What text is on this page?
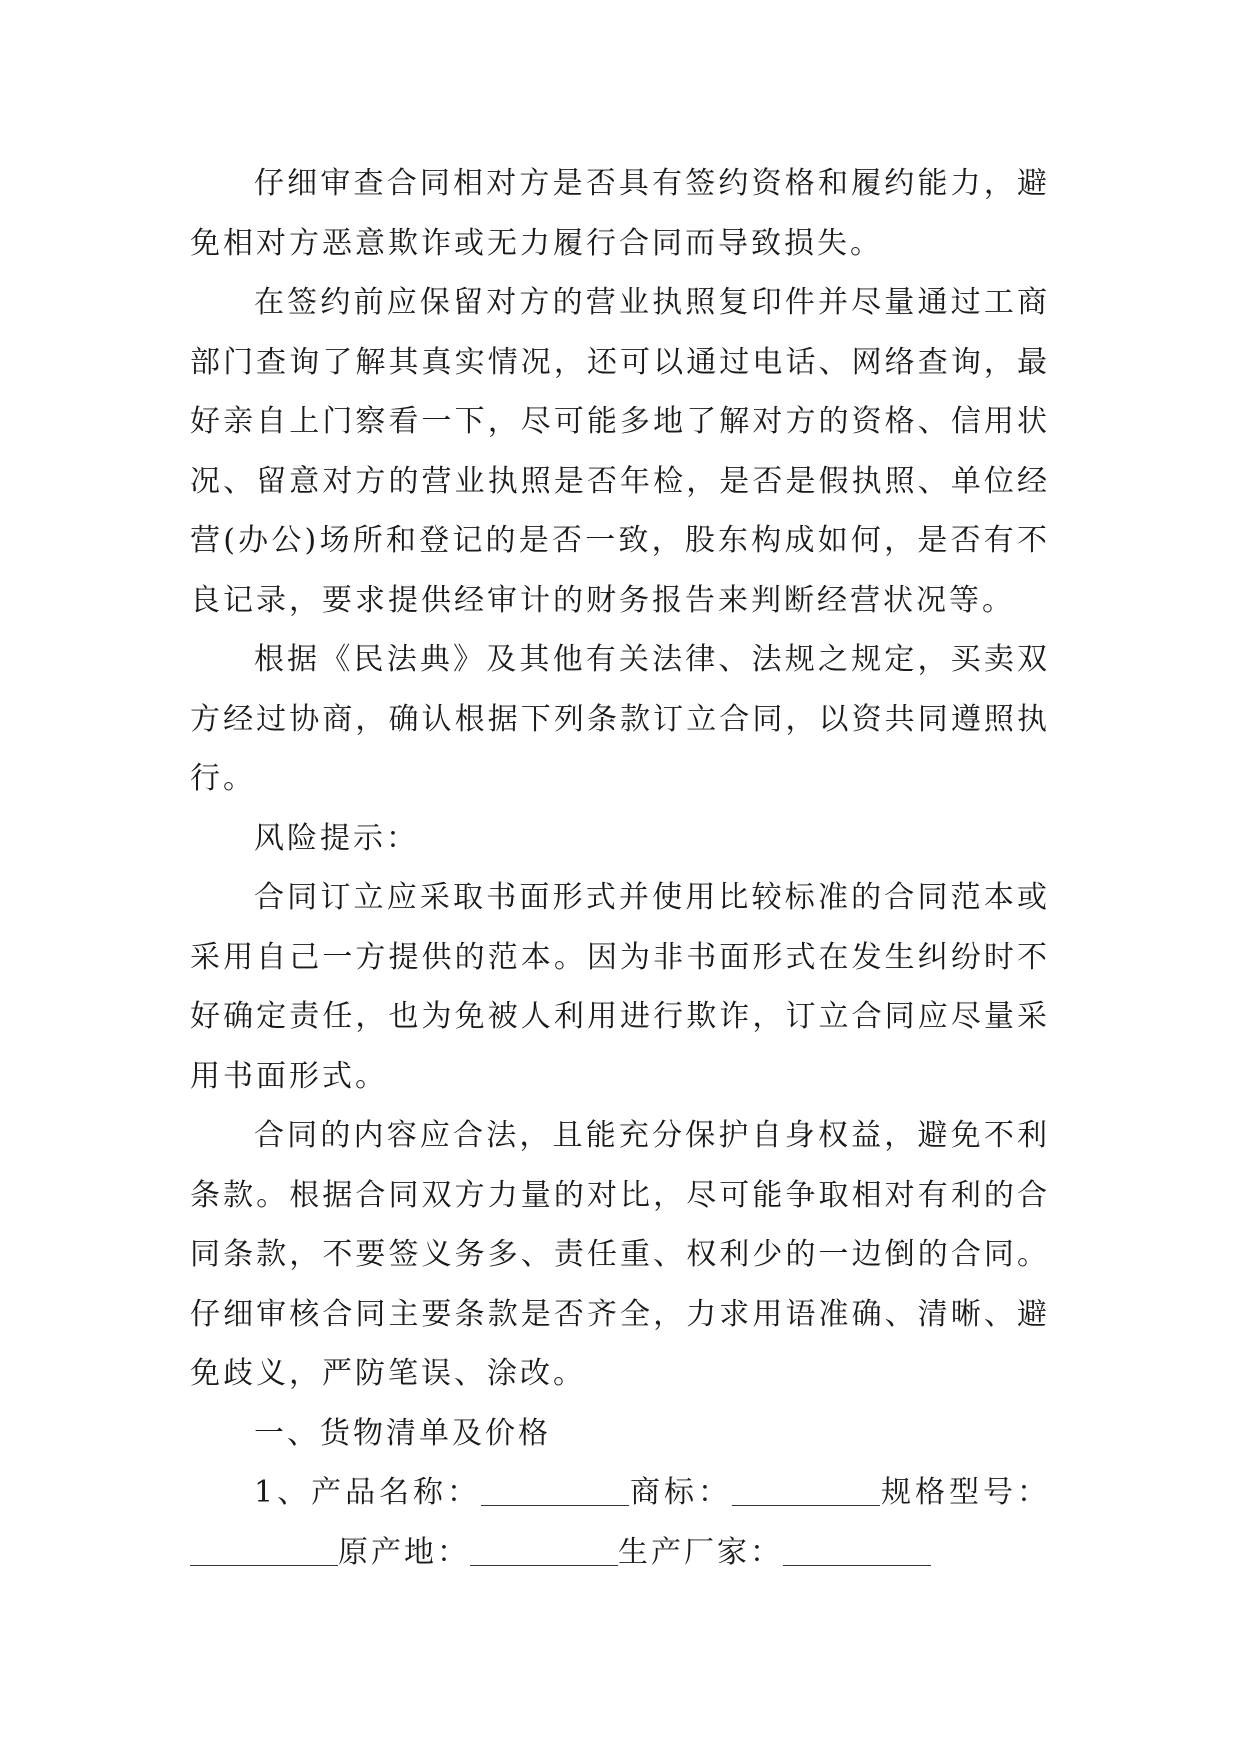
仔细审查合同相对方是否具有签约资格和履约能力，避免相对方恶意欺诈或无力履行合同而导致损失。

在签约前应保留对方的营业执照复印件并尽量通过工商部门查询了解其真实情况，还可以通过电话、网络查询，最好亲自上门察看一下，尽可能多地了解对方的资格、信用状况、留意对方的营业执照是否年检，是否是假执照、单位经营(办公)场所和登记的是否一致，股东构成如何，是否有不良记录，要求提供经审计的财务报告来判断经营状况等。

根据《民法典》及其他有关法律、法规之规定，买卖双方经过协商，确认根据下列条款订立合同，以资共同遵照执行。

风险提示：

合同订立应采取书面形式并使用比较标准的合同范本或采用自己一方提供的范本。因为非书面形式在发生纠纷时不好确定责任，也为免被人利用进行欺诈，订立合同应尽量采用书面形式。

合同的内容应合法，且能充分保护自身权益，避免不利条款。根据合同双方力量的对比，尽可能争取相对有利的合同条款，不要签义务多、责任重、权利少的一边倒的合同。仔细审核合同主要条款是否齐全，力求用语准确、清晰、避免歧义，严防笔误、涂改。

一、货物清单及价格

1、产品名称：	商标：	规格型号：原产地：	生产厂家：
